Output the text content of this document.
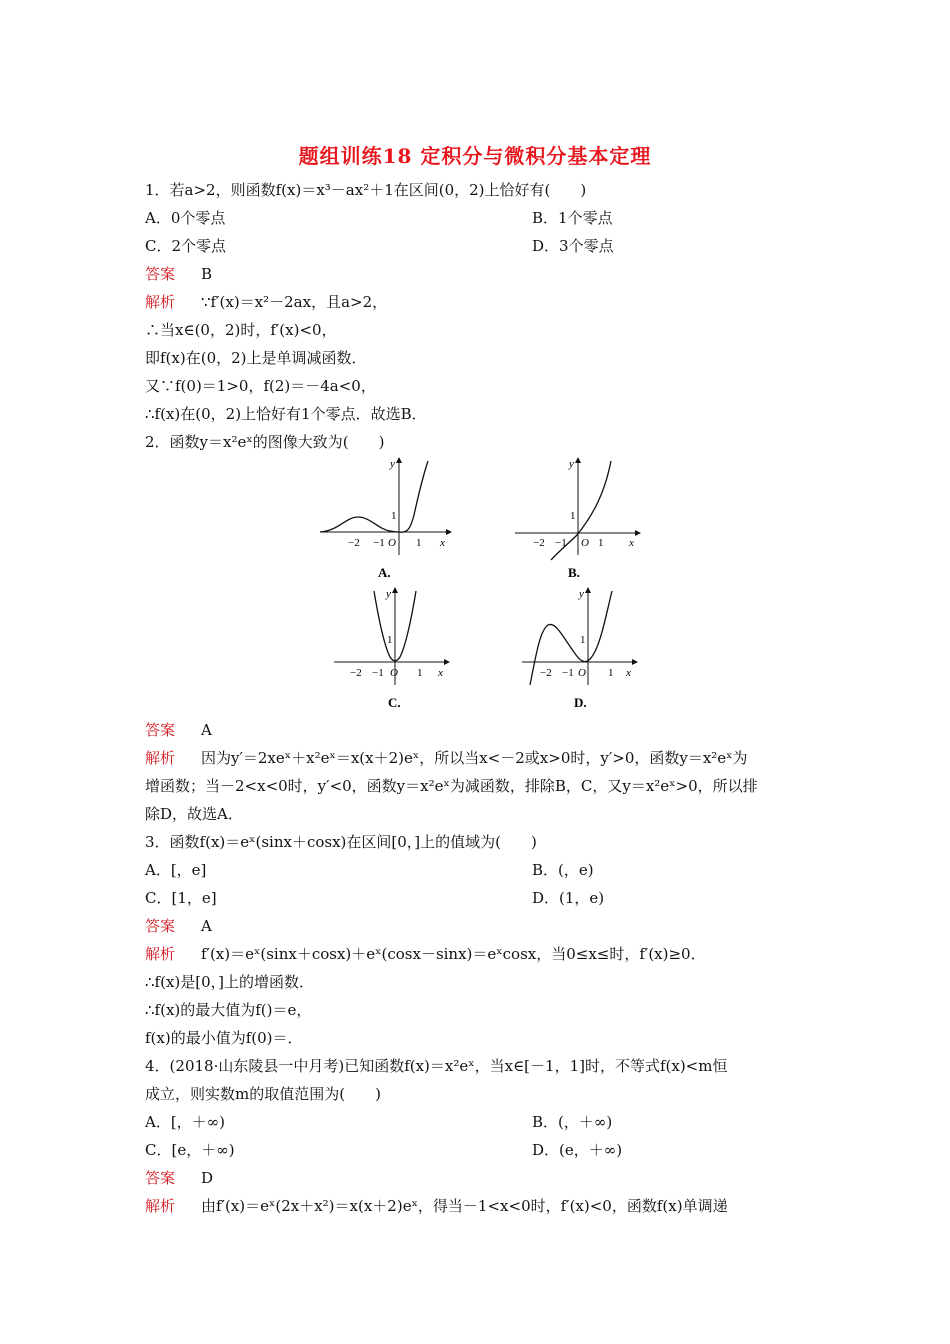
题组训练18 定积分与微积分基本定理
1．若a>2，则函数f(x)＝x³－ax²＋1在区间(0，2)上恰好有(　　)
A．0个零点	B．1个零点
C．2个零点	D．3个零点
答案 B
解析 ∵f′(x)＝x²－2ax，且a>2，
∴当x∈(0，2)时，f′(x)<0，
即f(x)在(0，2)上是单调减函数．
又∵f(0)＝1>0，f(2)＝－4a<0，
∴f(x)在(0，2)上恰好有1个零点．故选B．
2．函数y＝x²eˣ的图像大致为(　　)
−2 −1 O 1
1
x
y
A.
−2 −1 O 1
1
x
y
B.
−2 −1 O 1
1
x
y
C.
−2 −1 O 1
1
x
y
D.
答案 A
解析 因为y′＝2xeˣ＋x²eˣ＝x(x＋2)eˣ，所以当x<－2或x>0时，y′>0，函数y＝x²eˣ为
增函数；当－2<x<0时，y′<0，函数y＝x²eˣ为减函数，排除B，C，又y＝x²eˣ>0，所以排
除D，故选A．
3．函数f(x)＝eˣ(sinx＋cosx)在区间[0，]上的值域为(　　)
A．[，e]	B．(，e)
C．[1，e]	D．(1，e)
答案 A
解析 f′(x)＝eˣ(sinx＋cosx)＋eˣ(cosx－sinx)＝eˣcosx，当0≤x≤时，f′(x)≥0．
∴f(x)是[0，]上的增函数．
∴f(x)的最大值为f()＝e，
f(x)的最小值为f(0)＝．
4．(2018·山东陵县一中月考)已知函数f(x)＝x²eˣ，当x∈[－1，1]时，不等式f(x)<m恒
成立，则实数m的取值范围为(　　)
A．[，＋∞)	B．(，＋∞)
C．[e，＋∞)	D．(e，＋∞)
答案 D
解析 由f′(x)＝eˣ(2x＋x²)＝x(x＋2)eˣ，得当－1<x<0时，f′(x)<0，函数f(x)单调递
